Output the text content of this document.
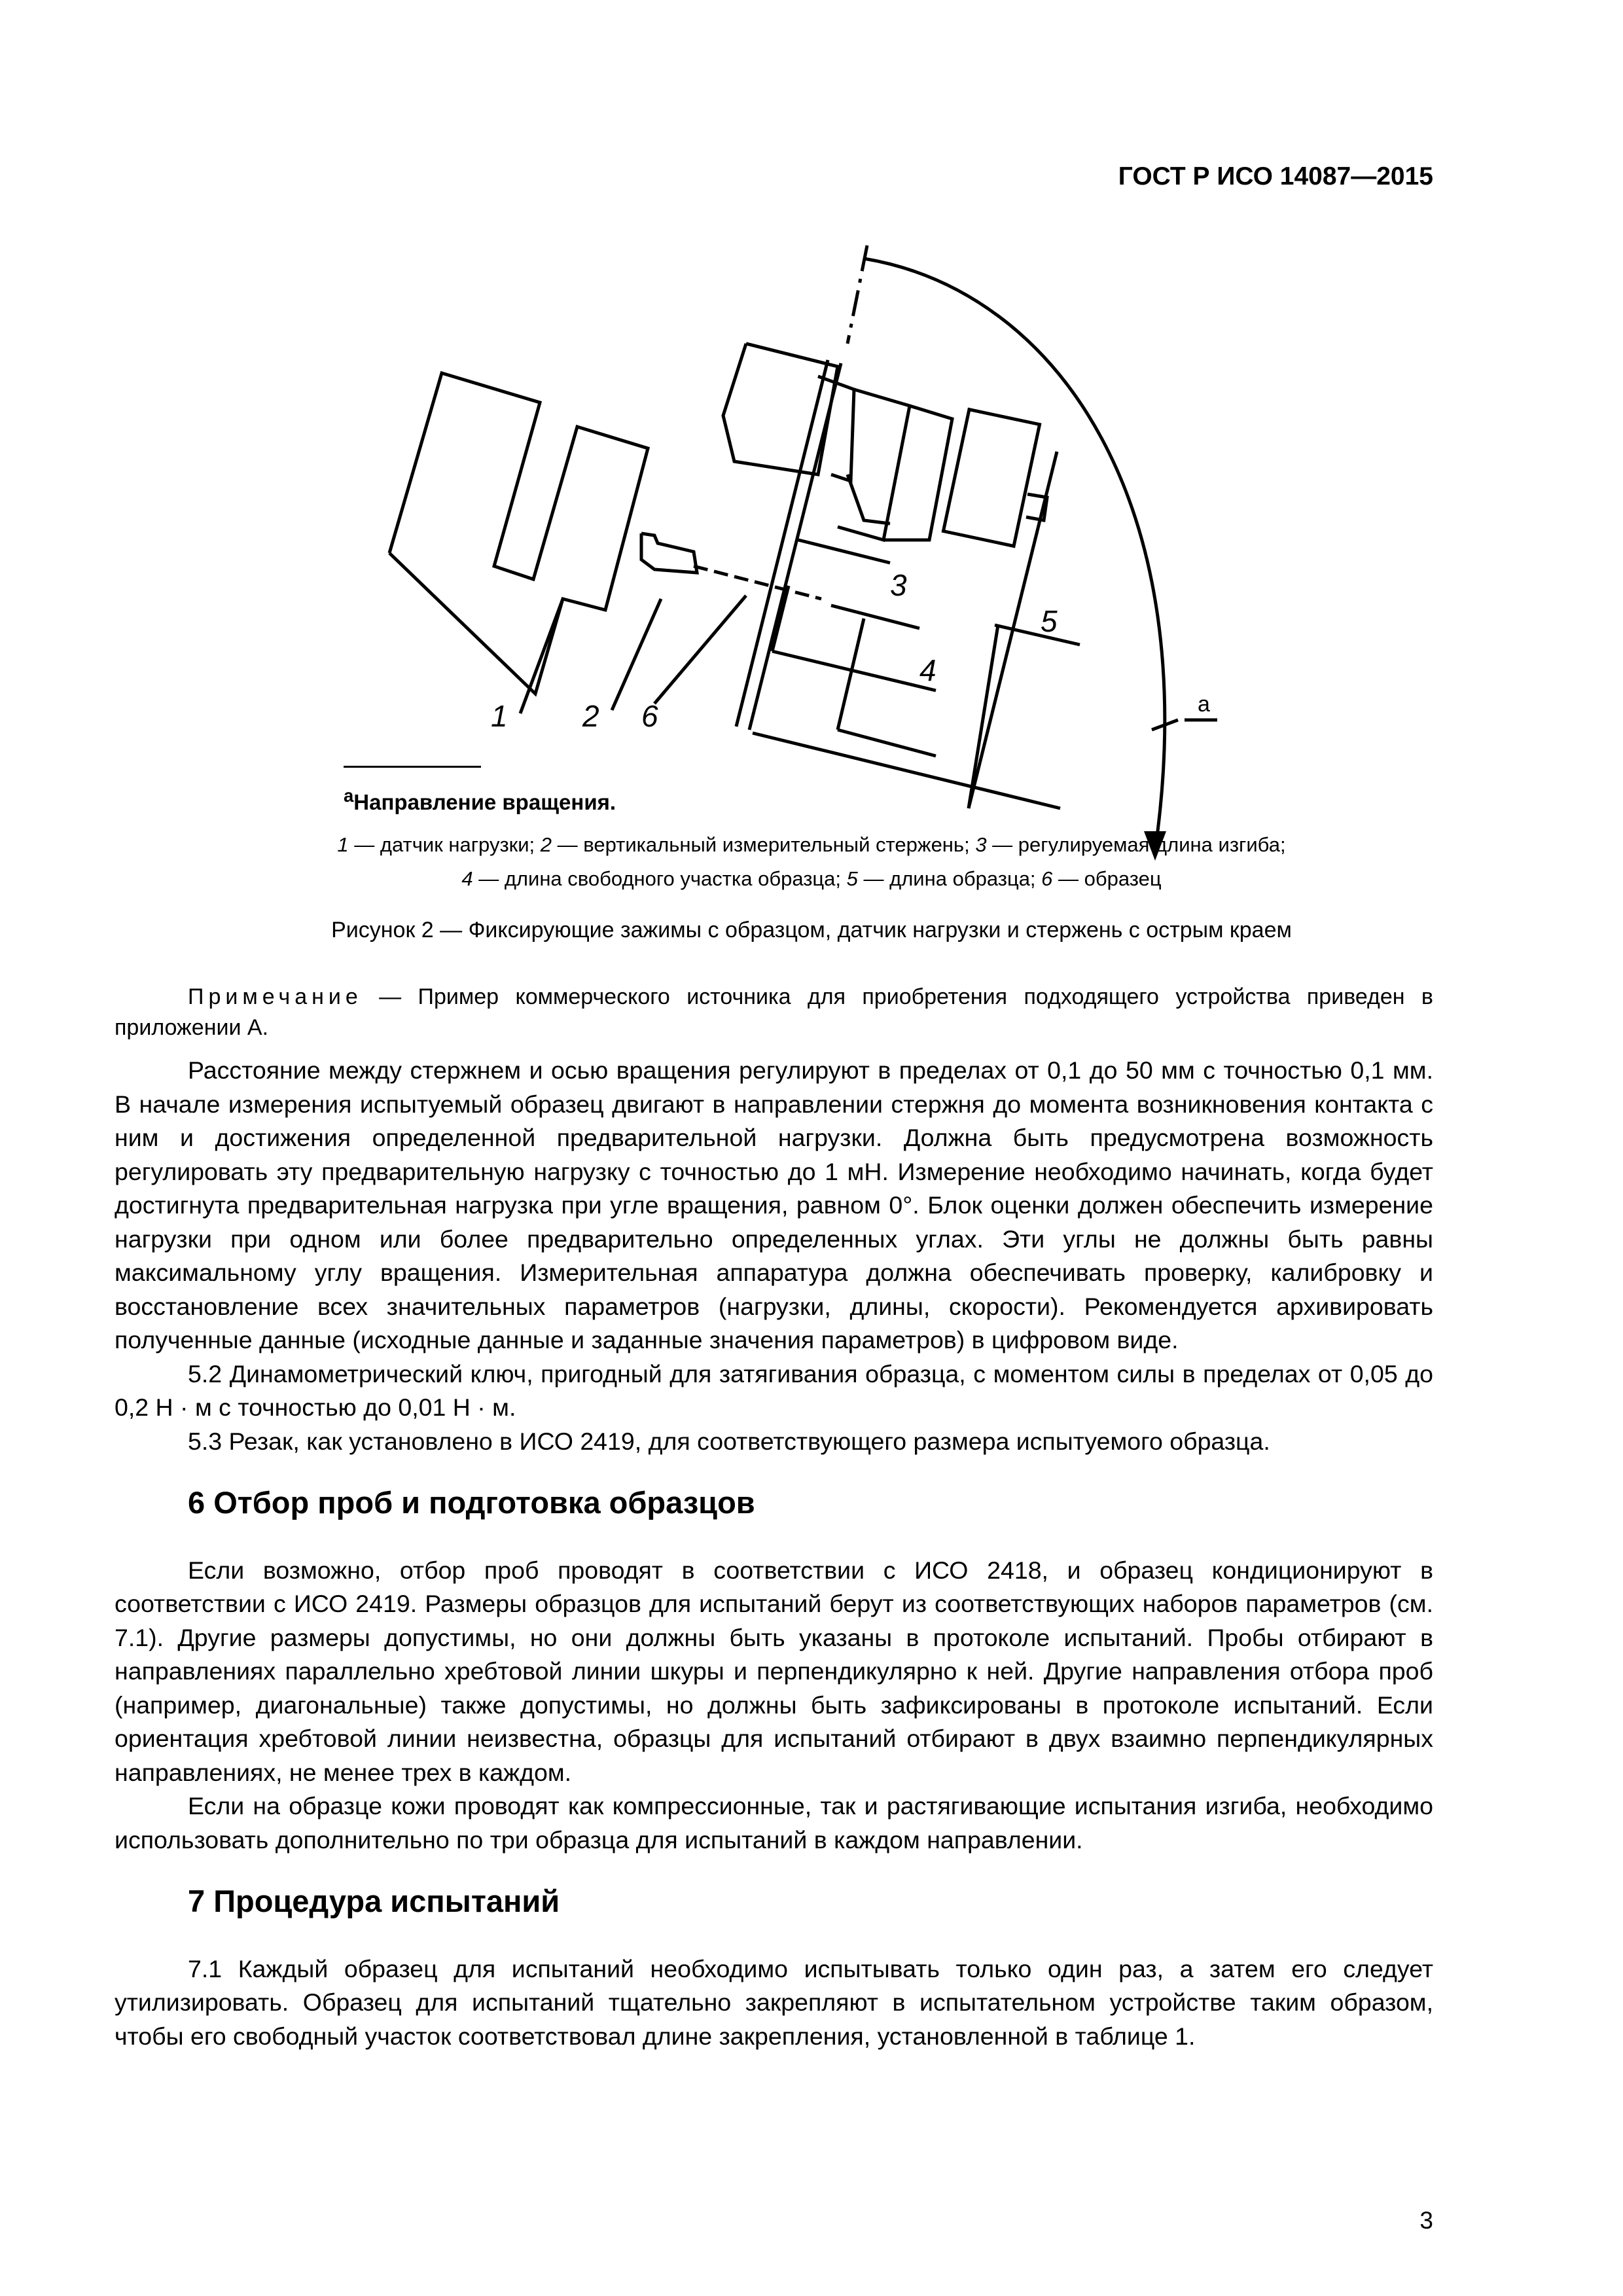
ГОСТ Р ИСО 14087—2015
1 2 6
3
4
5
a
$^a$Направление вращения.
1 — датчик нагрузки; 2 — вертикальный измерительный стержень; 3 — регулируемая длина изгиба;
4 — длина свободного участка образца; 5 — длина образца; 6 — образец
Рисунок 2 — Фиксирующие зажимы с образцом, датчик нагрузки и стержень с острым краем

Примечание — Пример коммерческого источника для приобретения подходящего устройства приведен в приложении А.

Расстояние между стержнем и осью вращения регулируют в пределах от 0,1 до 50 мм с точностью 0,1 мм. В начале измерения испытуемый образец двигают в направлении стержня до момента возникновения контакта с ним и достижения определенной предварительной нагрузки. Должна быть предусмотрена возможность регулировать эту предварительную нагрузку с точностью до 1 мН. Измерение необходимо начинать, когда будет достигнута предварительная нагрузка при угле вращения, равном 0°. Блок оценки должен обеспечить измерение нагрузки при одном или более предварительно определенных углах. Эти углы не должны быть равны максимальному углу вращения. Измерительная аппаратура должна обеспечивать проверку, калибровку и восстановление всех значительных параметров (нагрузки, длины, скорости). Рекомендуется архивировать полученные данные (исходные данные и заданные значения параметров) в цифровом виде.

5.2 Динамометрический ключ, пригодный для затягивания образца, с моментом силы в пределах от 0,05 до 0,2 Н · м с точностью до 0,01 Н · м.

5.3 Резак, как установлено в ИСО 2419, для соответствующего размера испытуемого образца.

6 Отбор проб и подготовка образцов

Если возможно, отбор проб проводят в соответствии с ИСО 2418, и образец кондиционируют в соответствии с ИСО 2419. Размеры образцов для испытаний берут из соответствующих наборов параметров (см. 7.1). Другие размеры допустимы, но они должны быть указаны в протоколе испытаний. Пробы отбирают в направлениях параллельно хребтовой линии шкуры и перпендикулярно к ней. Другие направления отбора проб (например, диагональные) также допустимы, но должны быть зафиксированы в протоколе испытаний. Если ориентация хребтовой линии неизвестна, образцы для испытаний отбирают в двух взаимно перпендикулярных направлениях, не менее трех в каждом.

Если на образце кожи проводят как компрессионные, так и растягивающие испытания изгиба, необходимо использовать дополнительно по три образца для испытаний в каждом направлении.

7 Процедура испытаний

7.1 Каждый образец для испытаний необходимо испытывать только один раз, а затем его следует утилизировать. Образец для испытаний тщательно закрепляют в испытательном устройстве таким образом, чтобы его свободный участок соответствовал длине закрепления, установленной в таблице 1.

3
